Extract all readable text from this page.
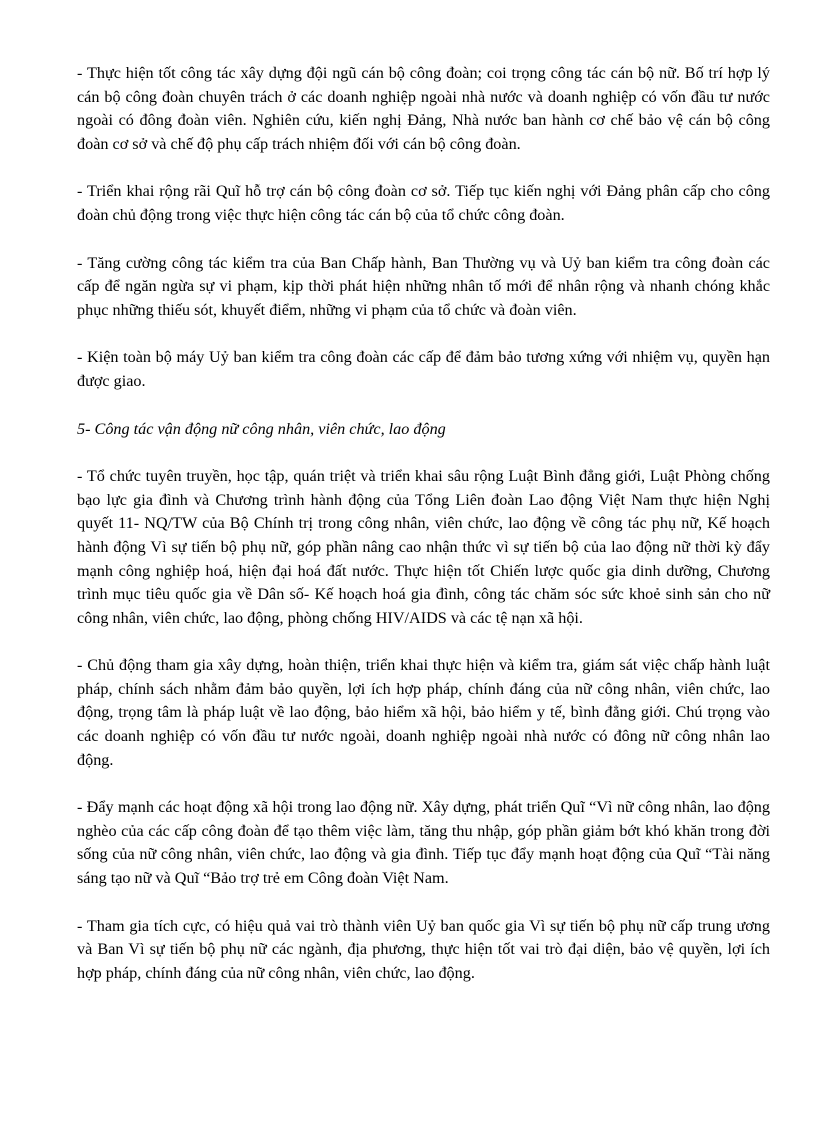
- Thực hiện tốt công tác xây dựng đội ngũ cán bộ công đoàn; coi trọng công tác cán bộ nữ. Bố trí hợp lý cán bộ công đoàn chuyên trách ở các doanh nghiệp ngoài nhà nước và doanh nghiệp có vốn đầu tư nước ngoài có đông đoàn viên. Nghiên cứu, kiến nghị Đảng, Nhà nước ban hành cơ chế bảo vệ cán bộ công đoàn cơ sở và chế độ phụ cấp trách nhiệm đối với cán bộ công đoàn.

- Triển khai rộng rãi Quĩ hỗ trợ cán bộ công đoàn cơ sở. Tiếp tục kiến nghị với Đảng phân cấp cho công đoàn chủ động trong việc thực hiện công tác cán bộ của tổ chức công đoàn.

- Tăng cường công tác kiểm tra của Ban Chấp hành, Ban Thường vụ và Uỷ ban kiểm tra công đoàn các cấp để ngăn ngừa sự vi phạm, kịp thời phát hiện những nhân tố mới để nhân rộng và nhanh chóng khắc phục những thiếu sót, khuyết điểm, những vi phạm của tổ chức và đoàn viên.

- Kiện toàn bộ máy Uỷ ban kiểm tra công đoàn các cấp để đảm bảo tương xứng với nhiệm vụ, quyền hạn được giao.

5- Công tác vận động nữ công nhân, viên chức, lao động

- Tổ chức tuyên truyền, học tập, quán triệt và triển khai sâu rộng Luật Bình đẳng giới, Luật Phòng chống bạo lực gia đình và Chương trình hành động của Tổng Liên đoàn Lao động Việt Nam thực hiện Nghị quyết 11- NQ/TW của Bộ Chính trị trong công nhân, viên chức, lao động về công tác phụ nữ, Kế hoạch hành động Vì sự tiến bộ phụ nữ, góp phần nâng cao nhận thức vì sự tiến bộ của lao động nữ thời kỳ đẩy mạnh công nghiệp hoá, hiện đại hoá đất nước. Thực hiện tốt Chiến lược quốc gia dinh dưỡng, Chương trình mục tiêu quốc gia về Dân số- Kế hoạch hoá gia đình, công tác chăm sóc sức khoẻ sinh sản cho nữ công nhân, viên chức, lao động, phòng chống HIV/AIDS và các tệ nạn xã hội.

- Chủ động tham gia xây dựng, hoàn thiện, triển khai thực hiện và kiểm tra, giám sát việc chấp hành luật pháp, chính sách nhằm đảm bảo quyền, lợi ích hợp pháp, chính đáng của nữ công nhân, viên chức, lao động, trọng tâm là pháp luật về lao động, bảo hiểm xã hội, bảo hiểm y tế, bình đẳng giới. Chú trọng vào các doanh nghiệp có vốn đầu tư nước ngoài, doanh nghiệp ngoài nhà nước có đông nữ công nhân lao động.

- Đẩy mạnh các hoạt động xã hội trong lao động nữ. Xây dựng, phát triển Quĩ “Vì nữ công nhân, lao động nghèo của các cấp công đoàn để tạo thêm việc làm, tăng thu nhập, góp phần giảm bớt khó khăn trong đời sống của nữ công nhân, viên chức, lao động và gia đình. Tiếp tục đẩy mạnh hoạt động của Quĩ “Tài năng sáng tạo nữ và Quĩ “Bảo trợ trẻ em Công đoàn Việt Nam.

- Tham gia tích cực, có hiệu quả vai trò thành viên Uỷ ban quốc gia Vì sự tiến bộ phụ nữ cấp trung ương và Ban Vì sự tiến bộ phụ nữ các ngành, địa phương, thực hiện tốt vai trò đại diện, bảo vệ quyền, lợi ích hợp pháp, chính đáng của nữ công nhân, viên chức, lao động.
